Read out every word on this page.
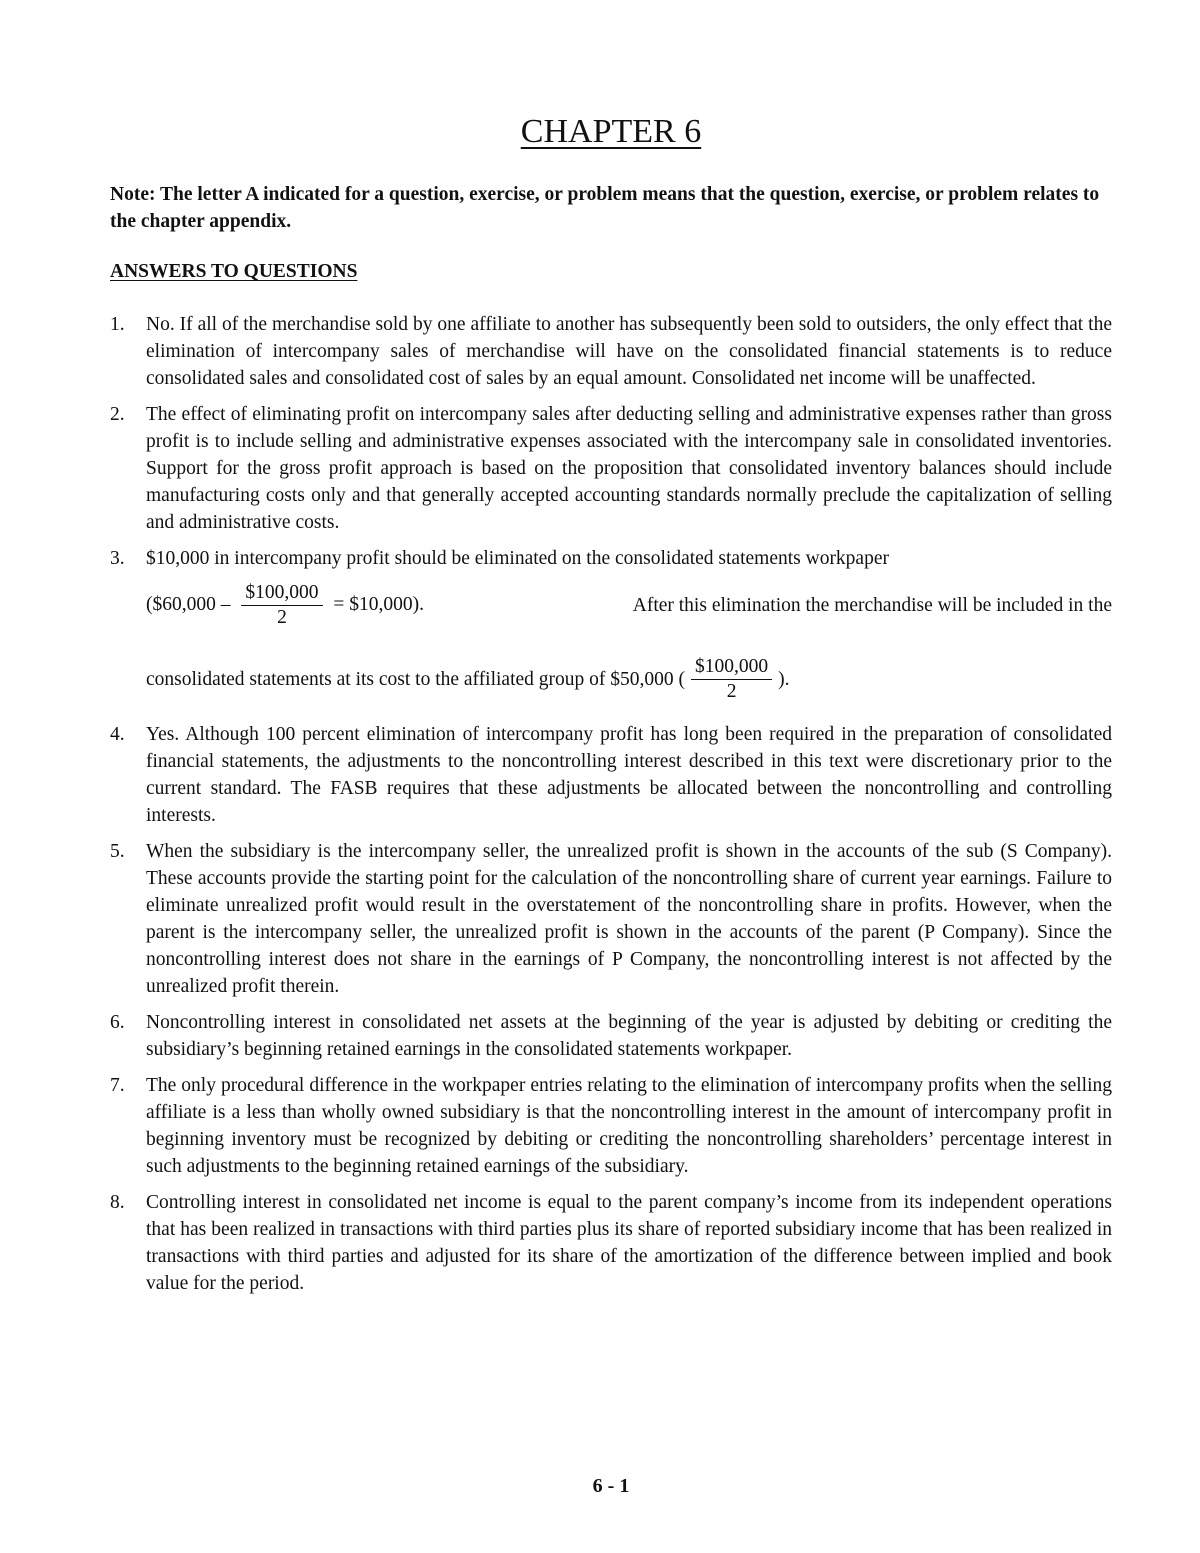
CHAPTER 6

Note: The letter A indicated for a question, exercise, or problem means that the question, exercise, or problem relates to the chapter appendix.

ANSWERS TO QUESTIONS
1. No. If all of the merchandise sold by one affiliate to another has subsequently been sold to outsiders, the only effect that the elimination of intercompany sales of merchandise will have on the consolidated financial statements is to reduce consolidated sales and consolidated cost of sales by an equal amount. Consolidated net income will be unaffected.
2. The effect of eliminating profit on intercompany sales after deducting selling and administrative expenses rather than gross profit is to include selling and administrative expenses associated with the intercompany sale in consolidated inventories. Support for the gross profit approach is based on the proposition that consolidated inventory balances should include manufacturing costs only and that generally accepted accounting standards normally preclude the capitalization of selling and administrative costs.
3. $10,000 in intercompany profit should be eliminated on the consolidated statements workpaper
($60,000 – $\frac{\$100,000}{2}$ = $10,000).	After this elimination the merchandise will be included in the
consolidated statements at its cost to the affiliated group of $50,000 ( $\frac{\$100,000}{2}$ ).
4. Yes. Although 100 percent elimination of intercompany profit has long been required in the preparation of consolidated financial statements, the adjustments to the noncontrolling interest described in this text were discretionary prior to the current standard. The FASB requires that these adjustments be allocated between the noncontrolling and controlling interests.
5. When the subsidiary is the intercompany seller, the unrealized profit is shown in the accounts of the sub (S Company). These accounts provide the starting point for the calculation of the noncontrolling share of current year earnings. Failure to eliminate unrealized profit would result in the overstatement of the noncontrolling share in profits. However, when the parent is the intercompany seller, the unrealized profit is shown in the accounts of the parent (P Company). Since the noncontrolling interest does not share in the earnings of P Company, the noncontrolling interest is not affected by the unrealized profit therein.
6. Noncontrolling interest in consolidated net assets at the beginning of the year is adjusted by debiting or crediting the subsidiary’s beginning retained earnings in the consolidated statements workpaper.
7. The only procedural difference in the workpaper entries relating to the elimination of intercompany profits when the selling affiliate is a less than wholly owned subsidiary is that the noncontrolling interest in the amount of intercompany profit in beginning inventory must be recognized by debiting or crediting the noncontrolling shareholders’ percentage interest in such adjustments to the beginning retained earnings of the subsidiary.
8. Controlling interest in consolidated net income is equal to the parent company’s income from its independent operations that has been realized in transactions with third parties plus its share of reported subsidiary income that has been realized in transactions with third parties and adjusted for its share of the amortization of the difference between implied and book value for the period.

6 - 1
